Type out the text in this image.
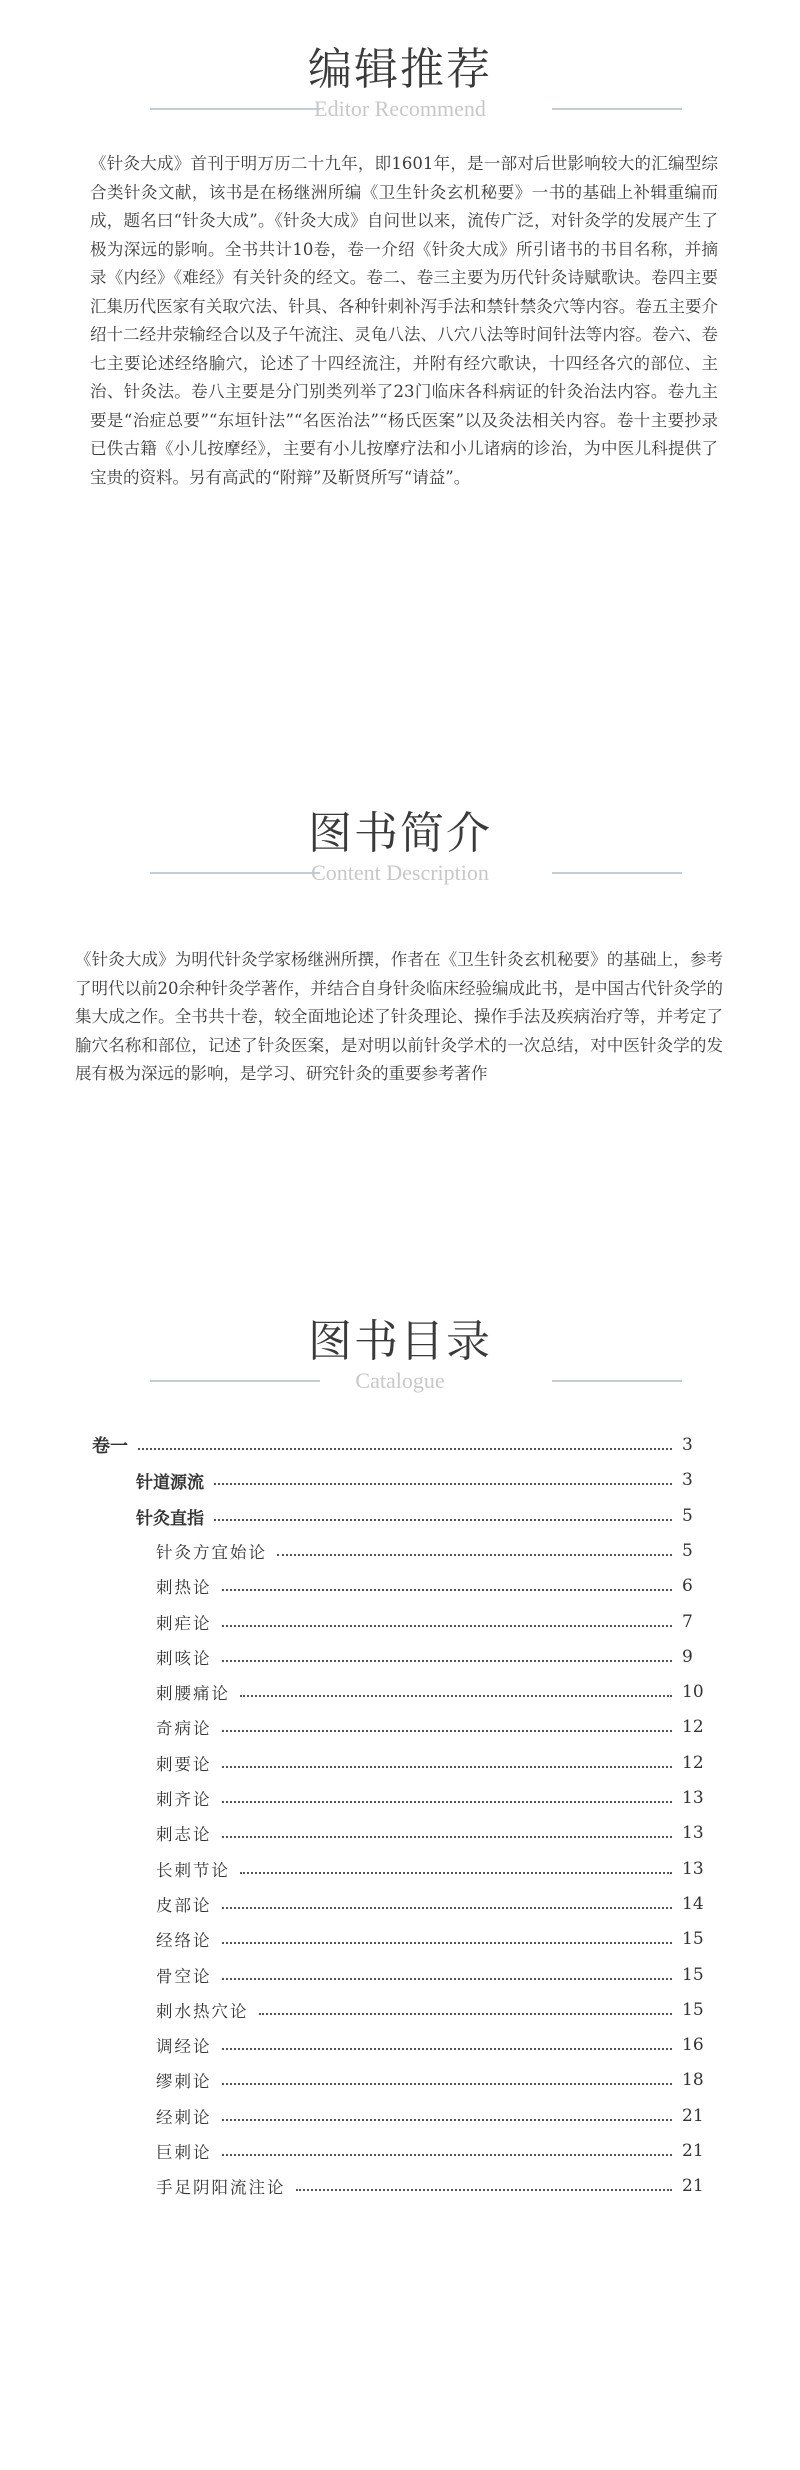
编辑推荐
Editor Recommend
《针灸大成》首刊于明万历二十九年，即1601年，是一部对后世影响较大的汇编型综合类针灸文献，该书是在杨继洲所编《卫生针灸玄机秘要》一书的基础上补辑重编而成，题名曰“针灸大成”。《针灸大成》自问世以来，流传广泛，对针灸学的发展产生了极为深远的影响。全书共计10卷，卷一介绍《针灸大成》所引诸书的书目名称，并摘录《内经》《难经》有关针灸的经文。卷二、卷三主要为历代针灸诗赋歌诀。卷四主要汇集历代医家有关取穴法、针具、各种针刺补泻手法和禁针禁灸穴等内容。卷五主要介绍十二经井荥输经合以及子午流注、灵龟八法、八穴八法等时间针法等内容。卷六、卷七主要论述经络腧穴，论述了十四经流注，并附有经穴歌诀，十四经各穴的部位、主治、针灸法。卷八主要是分门别类列举了23门临床各科病证的针灸治法内容。卷九主要是“治症总要”“东垣针法”“名医治法”“杨氏医案”以及灸法相关内容。卷十主要抄录已佚古籍《小儿按摩经》，主要有小儿按摩疗法和小儿诸病的诊治，为中医儿科提供了宝贵的资料。另有高武的“附辩”及靳贤所写“请益”。
图书简介
Content Description
《针灸大成》为明代针灸学家杨继洲所撰，作者在《卫生针灸玄机秘要》的基础上，参考了明代以前20余种针灸学著作，并结合自身针灸临床经验编成此书，是中国古代针灸学的集大成之作。全书共十卷，较全面地论述了针灸理论、操作手法及疾病治疗等，并考定了腧穴名称和部位，记述了针灸医案，是对明以前针灸学术的一次总结，对中医针灸学的发展有极为深远的影响，是学习、研究针灸的重要参考著作
图书目录
Catalogue
卷一	3
针道源流	3
针灸直指	5
针灸方宜始论	5
刺热论	6
刺疟论	7
刺咳论	9
刺腰痛论	10
奇病论	12
刺要论	12
刺齐论	13
刺志论	13
长刺节论	13
皮部论	14
经络论	15
骨空论	15
刺水热穴论	15
调经论	16
缪刺论	18
经刺论	21
巨刺论	21
手足阴阳流注论	21
